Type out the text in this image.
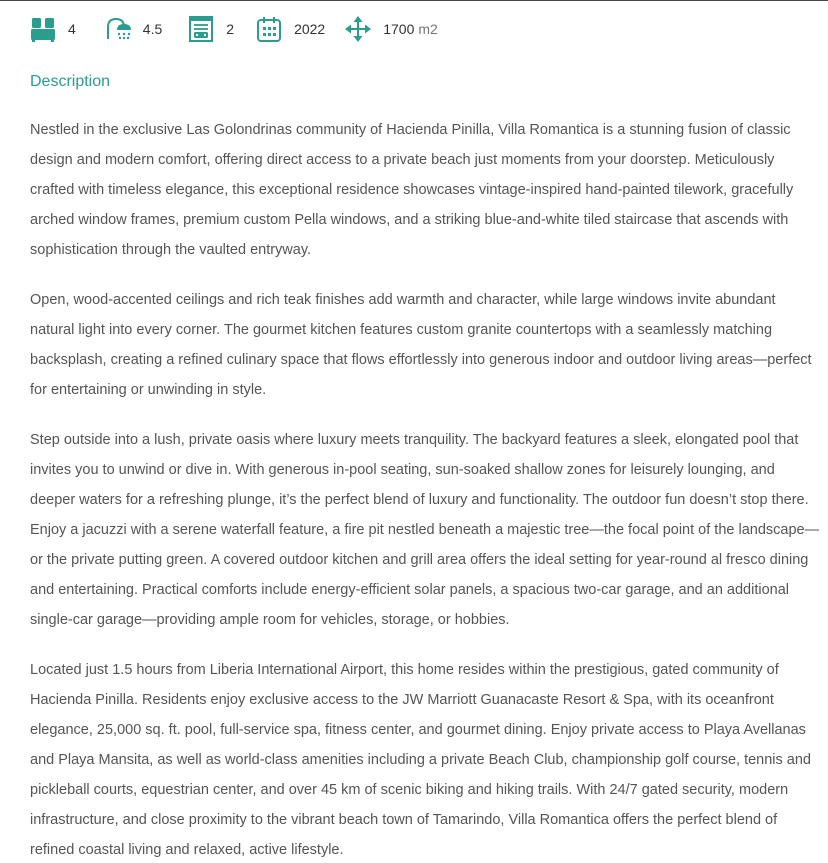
4	4.5	2	2022	1700 m2
Description

Nestled in the exclusive Las Golondrinas community of Hacienda Pinilla, Villa Romantica is a stunning fusion of classic design and modern comfort, offering direct access to a private beach just moments from your doorstep. Meticulously crafted with timeless elegance, this exceptional residence showcases vintage-inspired hand-painted tilework, gracefully arched window frames, premium custom Pella windows, and a striking blue-and-white tiled staircase that ascends with sophistication through the vaulted entryway.

Open, wood-accented ceilings and rich teak finishes add warmth and character, while large windows invite abundant natural light into every corner. The gourmet kitchen features custom granite countertops with a seamlessly matching backsplash, creating a refined culinary space that flows effortlessly into generous indoor and outdoor living areas—perfect for entertaining or unwinding in style.

Step outside into a lush, private oasis where luxury meets tranquility. The backyard features a sleek, elongated pool that invites you to unwind or dive in. With generous in-pool seating, sun-soaked shallow zones for leisurely lounging, and deeper waters for a refreshing plunge, it’s the perfect blend of luxury and functionality. The outdoor fun doesn’t stop there. Enjoy a jacuzzi with a serene waterfall feature, a fire pit nestled beneath a majestic tree—the focal point of the landscape— or the private putting green. A covered outdoor kitchen and grill area offers the ideal setting for year-round al fresco dining and entertaining. Practical comforts include energy-efficient solar panels, a spacious two-car garage, and an additional single-car garage—providing ample room for vehicles, storage, or hobbies.

Located just 1.5 hours from Liberia International Airport, this home resides within the prestigious, gated community of Hacienda Pinilla. Residents enjoy exclusive access to the JW Marriott Guanacaste Resort & Spa, with its oceanfront elegance, 25,000 sq. ft. pool, full-service spa, fitness center, and gourmet dining. Enjoy private access to Playa Avellanas and Playa Mansita, as well as world-class amenities including a private Beach Club, championship golf course, tennis and pickleball courts, equestrian center, and over 45 km of scenic biking and hiking trails. With 24/7 gated security, modern infrastructure, and close proximity to the vibrant beach town of Tamarindo, Villa Romantica offers the perfect blend of refined coastal living and relaxed, active lifestyle.
